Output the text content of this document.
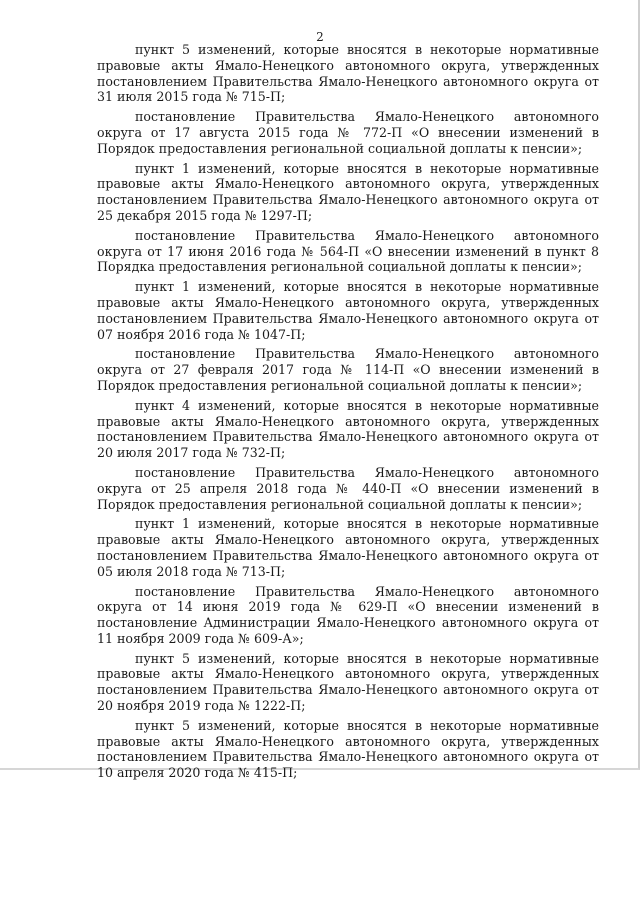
2

пункт 5 изменений, которые вносятся в некоторые нормативные правовые акты Ямало-Ненецкого автономного округа, утвержденных постановлением Правительства Ямало-Ненецкого автономного округа от 31 июля 2015 года № 715-П;

постановление Правительства Ямало-Ненецкого автономного округа от 17 августа 2015 года № 772-П «О внесении изменений в Порядок предоставления региональной социальной доплаты к пенсии»;

пункт 1 изменений, которые вносятся в некоторые нормативные правовые акты Ямало-Ненецкого автономного округа, утвержденных постановлением Правительства Ямало-Ненецкого автономного округа от 25 декабря 2015 года № 1297-П;

постановление Правительства Ямало-Ненецкого автономного округа от 17 июня 2016 года № 564-П «О внесении изменений в пункт 8 Порядка предоставления региональной социальной доплаты к пенсии»;

пункт 1 изменений, которые вносятся в некоторые нормативные правовые акты Ямало-Ненецкого автономного округа, утвержденных постановлением Правительства Ямало-Ненецкого автономного округа от 07 ноября 2016 года № 1047-П;

постановление Правительства Ямало-Ненецкого автономного округа от 27 февраля 2017 года № 114-П «О внесении изменений в Порядок предоставления региональной социальной доплаты к пенсии»;

пункт 4 изменений, которые вносятся в некоторые нормативные правовые акты Ямало-Ненецкого автономного округа, утвержденных постановлением Правительства Ямало-Ненецкого автономного округа от 20 июля 2017 года № 732-П;

постановление Правительства Ямало-Ненецкого автономного округа от 25 апреля 2018 года № 440-П «О внесении изменений в Порядок предоставления региональной социальной доплаты к пенсии»;

пункт 1 изменений, которые вносятся в некоторые нормативные правовые акты Ямало-Ненецкого автономного округа, утвержденных постановлением Правительства Ямало-Ненецкого автономного округа от 05 июля 2018 года № 713-П;

постановление Правительства Ямало-Ненецкого автономного округа от 14 июня 2019 года № 629-П «О внесении изменений в постановление Администрации Ямало-Ненецкого автономного округа от 11 ноября 2009 года № 609-А»;

пункт 5 изменений, которые вносятся в некоторые нормативные правовые акты Ямало-Ненецкого автономного округа, утвержденных постановлением Правительства Ямало-Ненецкого автономного округа от 20 ноября 2019 года № 1222-П;

пункт 5 изменений, которые вносятся в некоторые нормативные правовые акты Ямало-Ненецкого автономного округа, утвержденных постановлением Правительства Ямало-Ненецкого автономного округа от 10 апреля 2020 года № 415-П;
